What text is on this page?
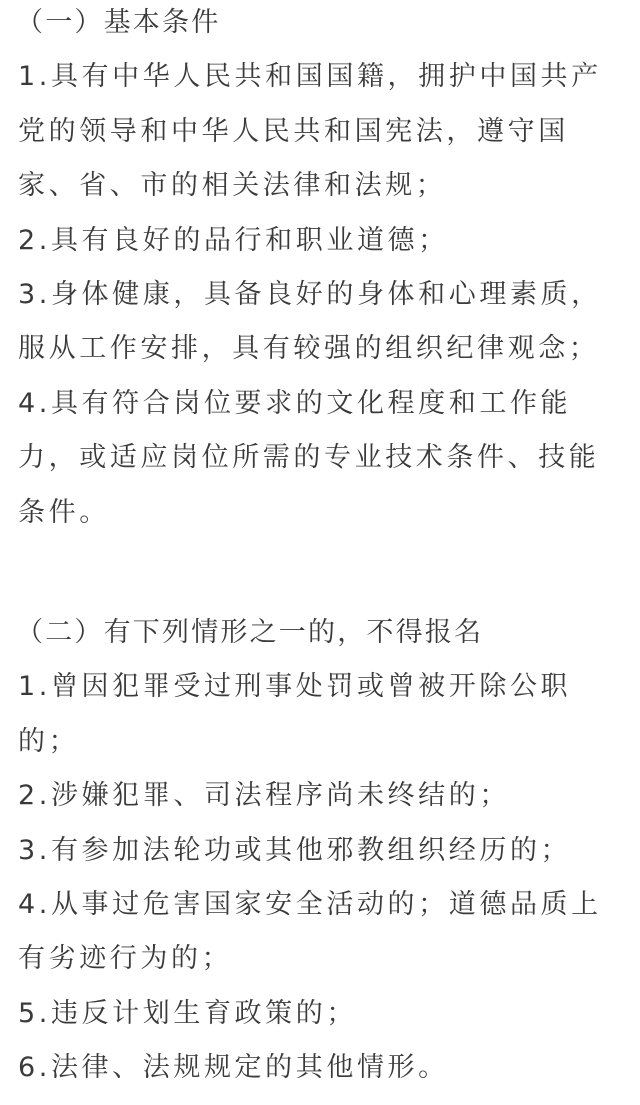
（一）基本条件
1.具有中华人民共和国国籍，拥护中国共产
党的领导和中华人民共和国宪法，遵守国
家、省、市的相关法律和法规；
2.具有良好的品行和职业道德；
3.身体健康，具备良好的身体和心理素质，
服从工作安排，具有较强的组织纪律观念；
4.具有符合岗位要求的文化程度和工作能
力，或适应岗位所需的专业技术条件、技能
条件。
（二）有下列情形之一的，不得报名
1.曾因犯罪受过刑事处罚或曾被开除公职
的；
2.涉嫌犯罪、司法程序尚未终结的；
3.有参加法轮功或其他邪教组织经历的；
4.从事过危害国家安全活动的；道德品质上
有劣迹行为的；
5.违反计划生育政策的；
6.法律、法规规定的其他情形。
